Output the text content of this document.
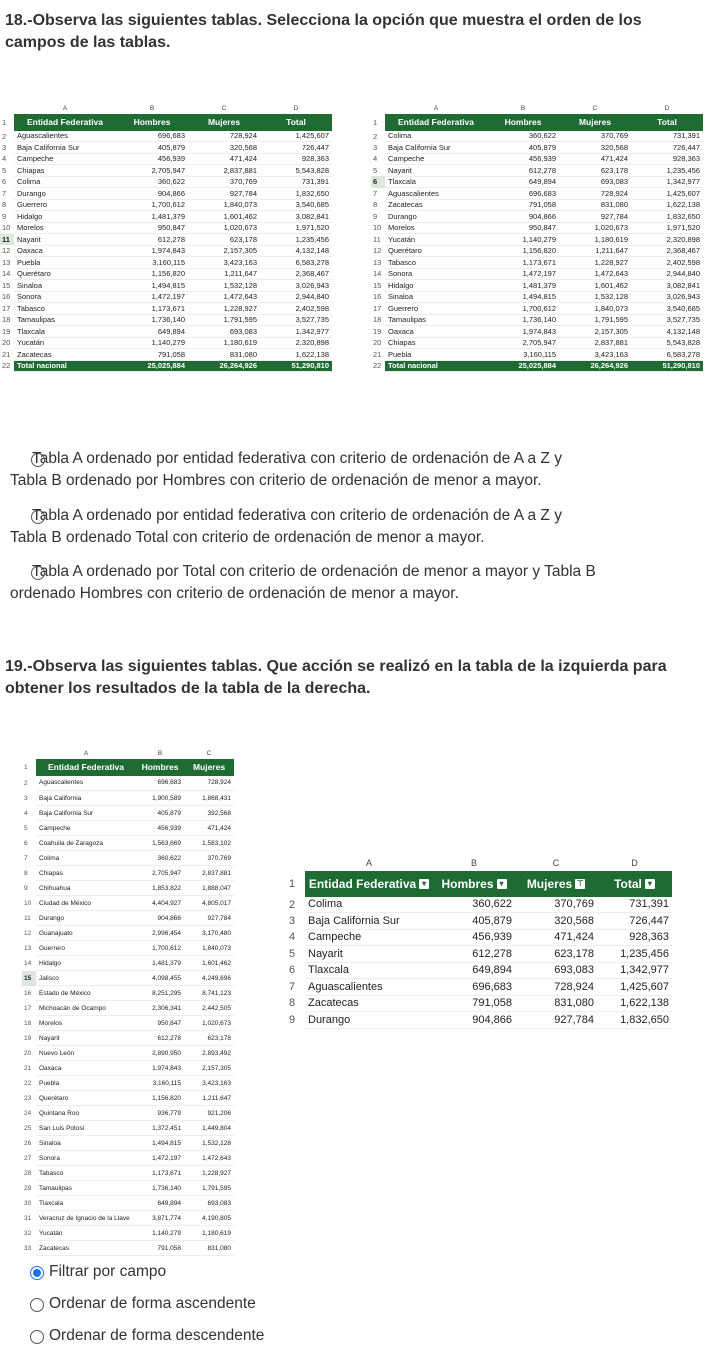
18.-Observa las siguientes tablas. Selecciona la opción que muestra el orden de los campos de las tablas.
	A	B	C	D
1	Entidad Federativa	Hombres	Mujeres	Total
2	Aguascalientes	696,683	728,924	1,425,607
3	Baja California Sur	405,879	320,568	726,447
4	Campeche	456,939	471,424	928,363
5	Chiapas	2,705,947	2,837,881	5,543,828
6	Colima	360,622	370,769	731,391
7	Durango	904,866	927,784	1,832,650
8	Guerrero	1,700,612	1,840,073	3,540,685
9	Hidalgo	1,481,379	1,601,462	3,082,841
10	Morelos	950,847	1,020,673	1,971,520
11	Nayarit	612,278	623,178	1,235,456
12	Oaxaca	1,974,843	2,157,305	4,132,148
13	Puebla	3,160,115	3,423,163	6,583,278
14	Querétaro	1,156,820	1,211,647	2,368,467
15	Sinaloa	1,494,815	1,532,128	3,026,943
16	Sonora	1,472,197	1,472,643	2,944,840
17	Tabasco	1,173,671	1,228,927	2,402,598
18	Tamaulipas	1,736,140	1,791,595	3,527,735
19	Tlaxcala	649,894	693,083	1,342,977
20	Yucatán	1,140,279	1,180,619	2,320,898
21	Zacatecas	791,058	831,080	1,622,138
22	Total nacional	25,025,884	26,264,926	51,290,810
	A	B	C	D
1	Entidad Federativa	Hombres	Mujeres	Total
2	Colima	360,622	370,769	731,391
3	Baja California Sur	405,879	320,568	726,447
4	Campeche	456,939	471,424	928,363
5	Nayarit	612,278	623,178	1,235,456
6	Tlaxcala	649,894	693,083	1,342,977
7	Aguascalientes	696,683	728,924	1,425,607
8	Zacatecas	791,058	831,080	1,622,138
9	Durango	904,866	927,784	1,832,650
10	Morelos	950,847	1,020,673	1,971,520
11	Yucatán	1,140,279	1,180,619	2,320,898
12	Querétaro	1,156,820	1,211,647	2,368,467
13	Tabasco	1,173,671	1,228,927	2,402,598
14	Sonora	1,472,197	1,472,643	2,944,840
15	Hidalgo	1,481,379	1,601,462	3,082,841
16	Sinaloa	1,494,815	1,532,128	3,026,943
17	Guerrero	1,700,612	1,840,073	3,540,685
18	Tamaulipas	1,736,140	1,791,595	3,527,735
19	Oaxaca	1,974,843	2,157,305	4,132,148
20	Chiapas	2,705,947	2,837,881	5,543,828
21	Puebla	3,160,115	3,423,163	6,583,278
22	Total nacional	25,025,884	26,264,926	51,290,810
Tabla A ordenado por entidad federativa con criterio de ordenación de A a Z y
Tabla B ordenado por Hombres con criterio de ordenación de menor a mayor.
Tabla A ordenado por entidad federativa con criterio de ordenación de A a Z y
Tabla B ordenado Total con criterio de ordenación de menor a mayor.
Tabla A ordenado por Total con criterio de ordenación de menor a mayor y Tabla B
ordenado Hombres con criterio de ordenación de menor a mayor.
19.-Observa las siguientes tablas. Que acción se realizó en la tabla de la izquierda para obtener los resultados de la tabla de la derecha.
	A	B	C
1	Entidad Federativa	Hombres	Mujeres
2	Aguascalientes	696,683	728,924
3	Baja California	1,900,589	1,868,431
4	Baja California Sur	405,879	392,568
5	Campeche	456,939	471,424
6	Coahuila de Zaragoza	1,563,669	1,583,102
7	Colima	360,622	370,769
8	Chiapas	2,705,947	2,837,881
9	Chihuahua	1,853,822	1,888,047
10	Ciudad de México	4,404,927	4,805,017
11	Durango	904,866	927,784
12	Guanajuato	2,996,454	3,170,480
13	Guerrero	1,700,612	1,840,073
14	Hidalgo	1,481,379	1,601,462
15	Jalisco	4,098,455	4,249,696
16	Estado de México	8,251,295	8,741,123
17	Michoacán de Ocampo	2,306,341	2,442,505
18	Morelos	950,847	1,020,673
19	Nayarit	612,278	623,178
20	Nuevo León	2,890,950	2,893,492
21	Oaxaca	1,974,843	2,157,305
22	Puebla	3,160,115	3,423,163
23	Querétaro	1,156,820	1,211,647
24	Quintana Roo	936,779	921,206
25	San Luis Potosí	1,372,451	1,449,804
26	Sinaloa	1,494,815	1,532,128
27	Sonora	1,472,197	1,472,643
28	Tabasco	1,173,671	1,228,927
29	Tamaulipas	1,736,140	1,791,595
30	Tlaxcala	649,894	693,083
31	Veracruz de Ignacio de la Llave	3,871,774	4,190,805
32	Yucatán	1,140,279	1,180,619
33	Zacatecas	791,058	831,080
	A	B	C	D
1	Entidad Federativa ▾	Hombres ▾	Mujeres ⊤	Total ▾
2	Colima	360,622	370,769	731,391
3	Baja California Sur	405,879	320,568	726,447
4	Campeche	456,939	471,424	928,363
5	Nayarit	612,278	623,178	1,235,456
6	Tlaxcala	649,894	693,083	1,342,977
7	Aguascalientes	696,683	728,924	1,425,607
8	Zacatecas	791,058	831,080	1,622,138
9	Durango	904,866	927,784	1,832,650
Filtrar por campo
Ordenar de forma ascendente
Ordenar de forma descendente
